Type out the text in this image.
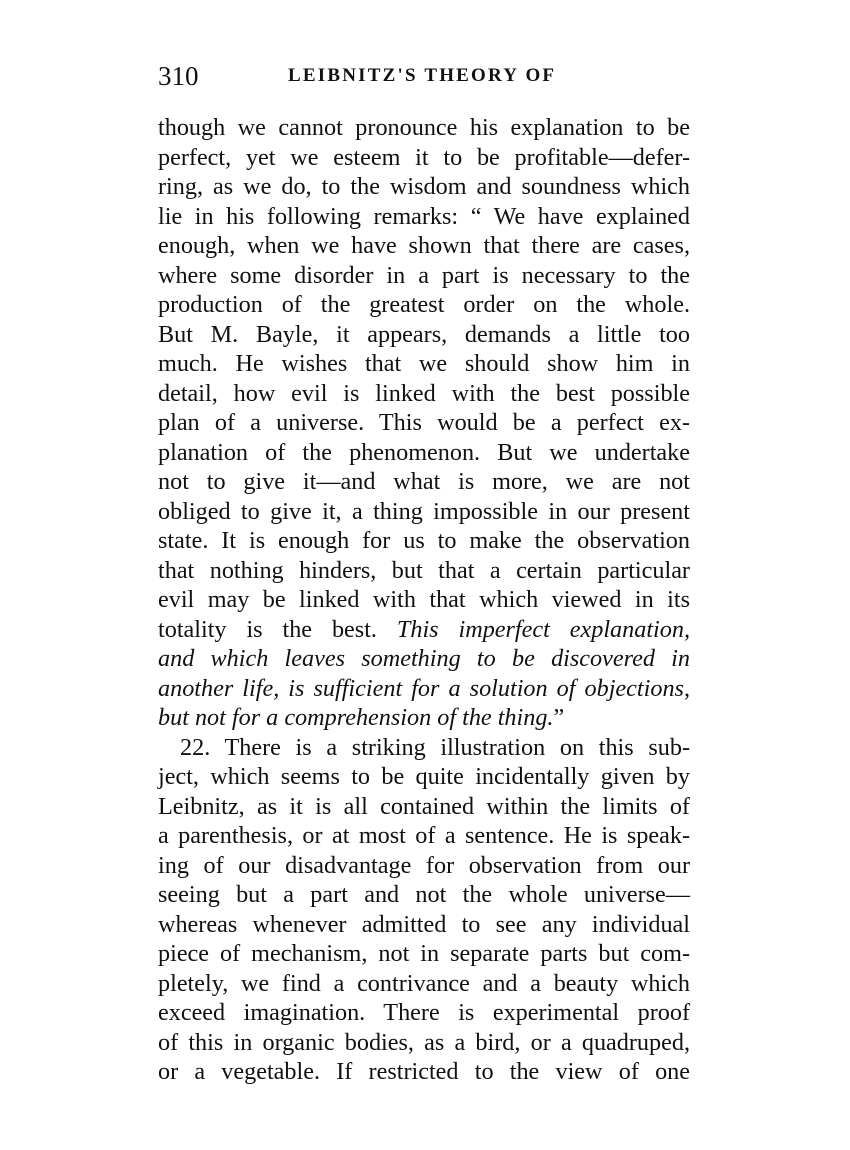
310	LEIBNITZ'S THEORY OF
though we cannot pronounce his explanation to be
perfect, yet we esteem it to be profitable—defer-
ring, as we do, to the wisdom and soundness which
lie in his following remarks: “ We have explained
enough, when we have shown that there are cases,
where some disorder in a part is necessary to the
production of the greatest order on the whole.
But M. Bayle, it appears, demands a little too
much. He wishes that we should show him in
detail, how evil is linked with the best possible
plan of a universe. This would be a perfect ex-
planation of the phenomenon. But we undertake
not to give it—and what is more, we are not
obliged to give it, a thing impossible in our present
state. It is enough for us to make the observation
that nothing hinders, but that a certain particular
evil may be linked with that which viewed in its
totality is the best. This imperfect explanation,
and which leaves something to be discovered in
another life, is sufficient for a solution of objections,
but not for a comprehension of the thing.”
22. There is a striking illustration on this sub-
ject, which seems to be quite incidentally given by
Leibnitz, as it is all contained within the limits of
a parenthesis, or at most of a sentence. He is speak-
ing of our disadvantage for observation from our
seeing but a part and not the whole universe—
whereas whenever admitted to see any individual
piece of mechanism, not in separate parts but com-
pletely, we find a contrivance and a beauty which
exceed imagination. There is experimental proof
of this in organic bodies, as a bird, or a quadruped,
or a vegetable. If restricted to the view of one
